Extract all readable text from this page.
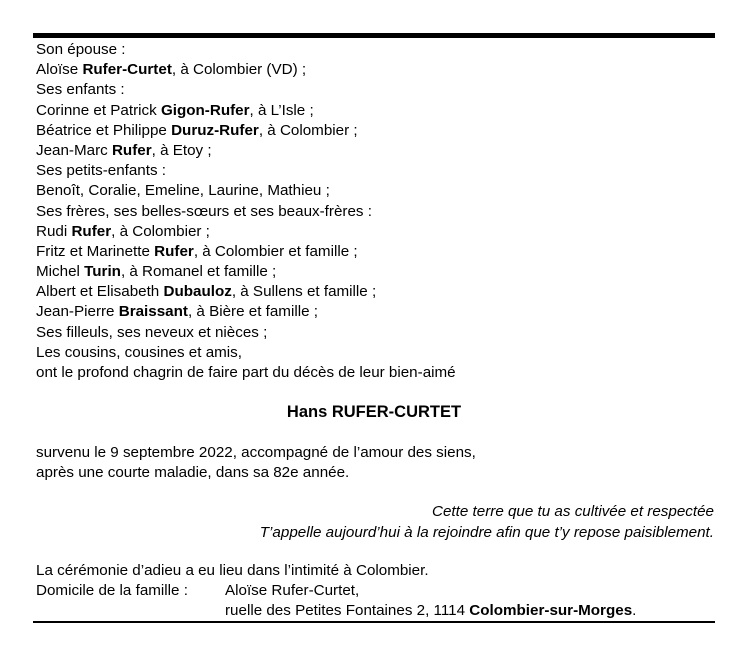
Son épouse :
Aloïse Rufer-Curtet, à Colombier (VD) ;
Ses enfants :
Corinne et Patrick Gigon-Rufer, à L’Isle ;
Béatrice et Philippe Duruz-Rufer, à Colombier ;
Jean-Marc Rufer, à Etoy ;
Ses petits-enfants :
Benoît, Coralie, Emeline, Laurine, Mathieu ;
Ses frères, ses belles-sœurs et ses beaux-frères :
Rudi Rufer, à Colombier ;
Fritz et Marinette Rufer, à Colombier et famille ;
Michel Turin, à Romanel et famille ;
Albert et Elisabeth Dubauloz, à Sullens et famille ;
Jean-Pierre Braissant, à Bière et famille ;
Ses filleuls, ses neveux et nièces ;
Les cousins, cousines et amis,
ont le profond chagrin de faire part du décès de leur bien-aimé
Hans RUFER-CURTET
survenu le 9 septembre 2022, accompagné de l’amour des siens,
après une courte maladie, dans sa 82e année.
Cette terre que tu as cultivée et respectée
T’appelle aujourd’hui à la rejoindre afin que t’y repose paisiblement.
La cérémonie d’adieu a eu lieu dans l’intimité à Colombier.
Domicile de la famille :	Aloïse Rufer-Curtet,
ruelle des Petites Fontaines 2, 1114 Colombier-sur-Morges.
